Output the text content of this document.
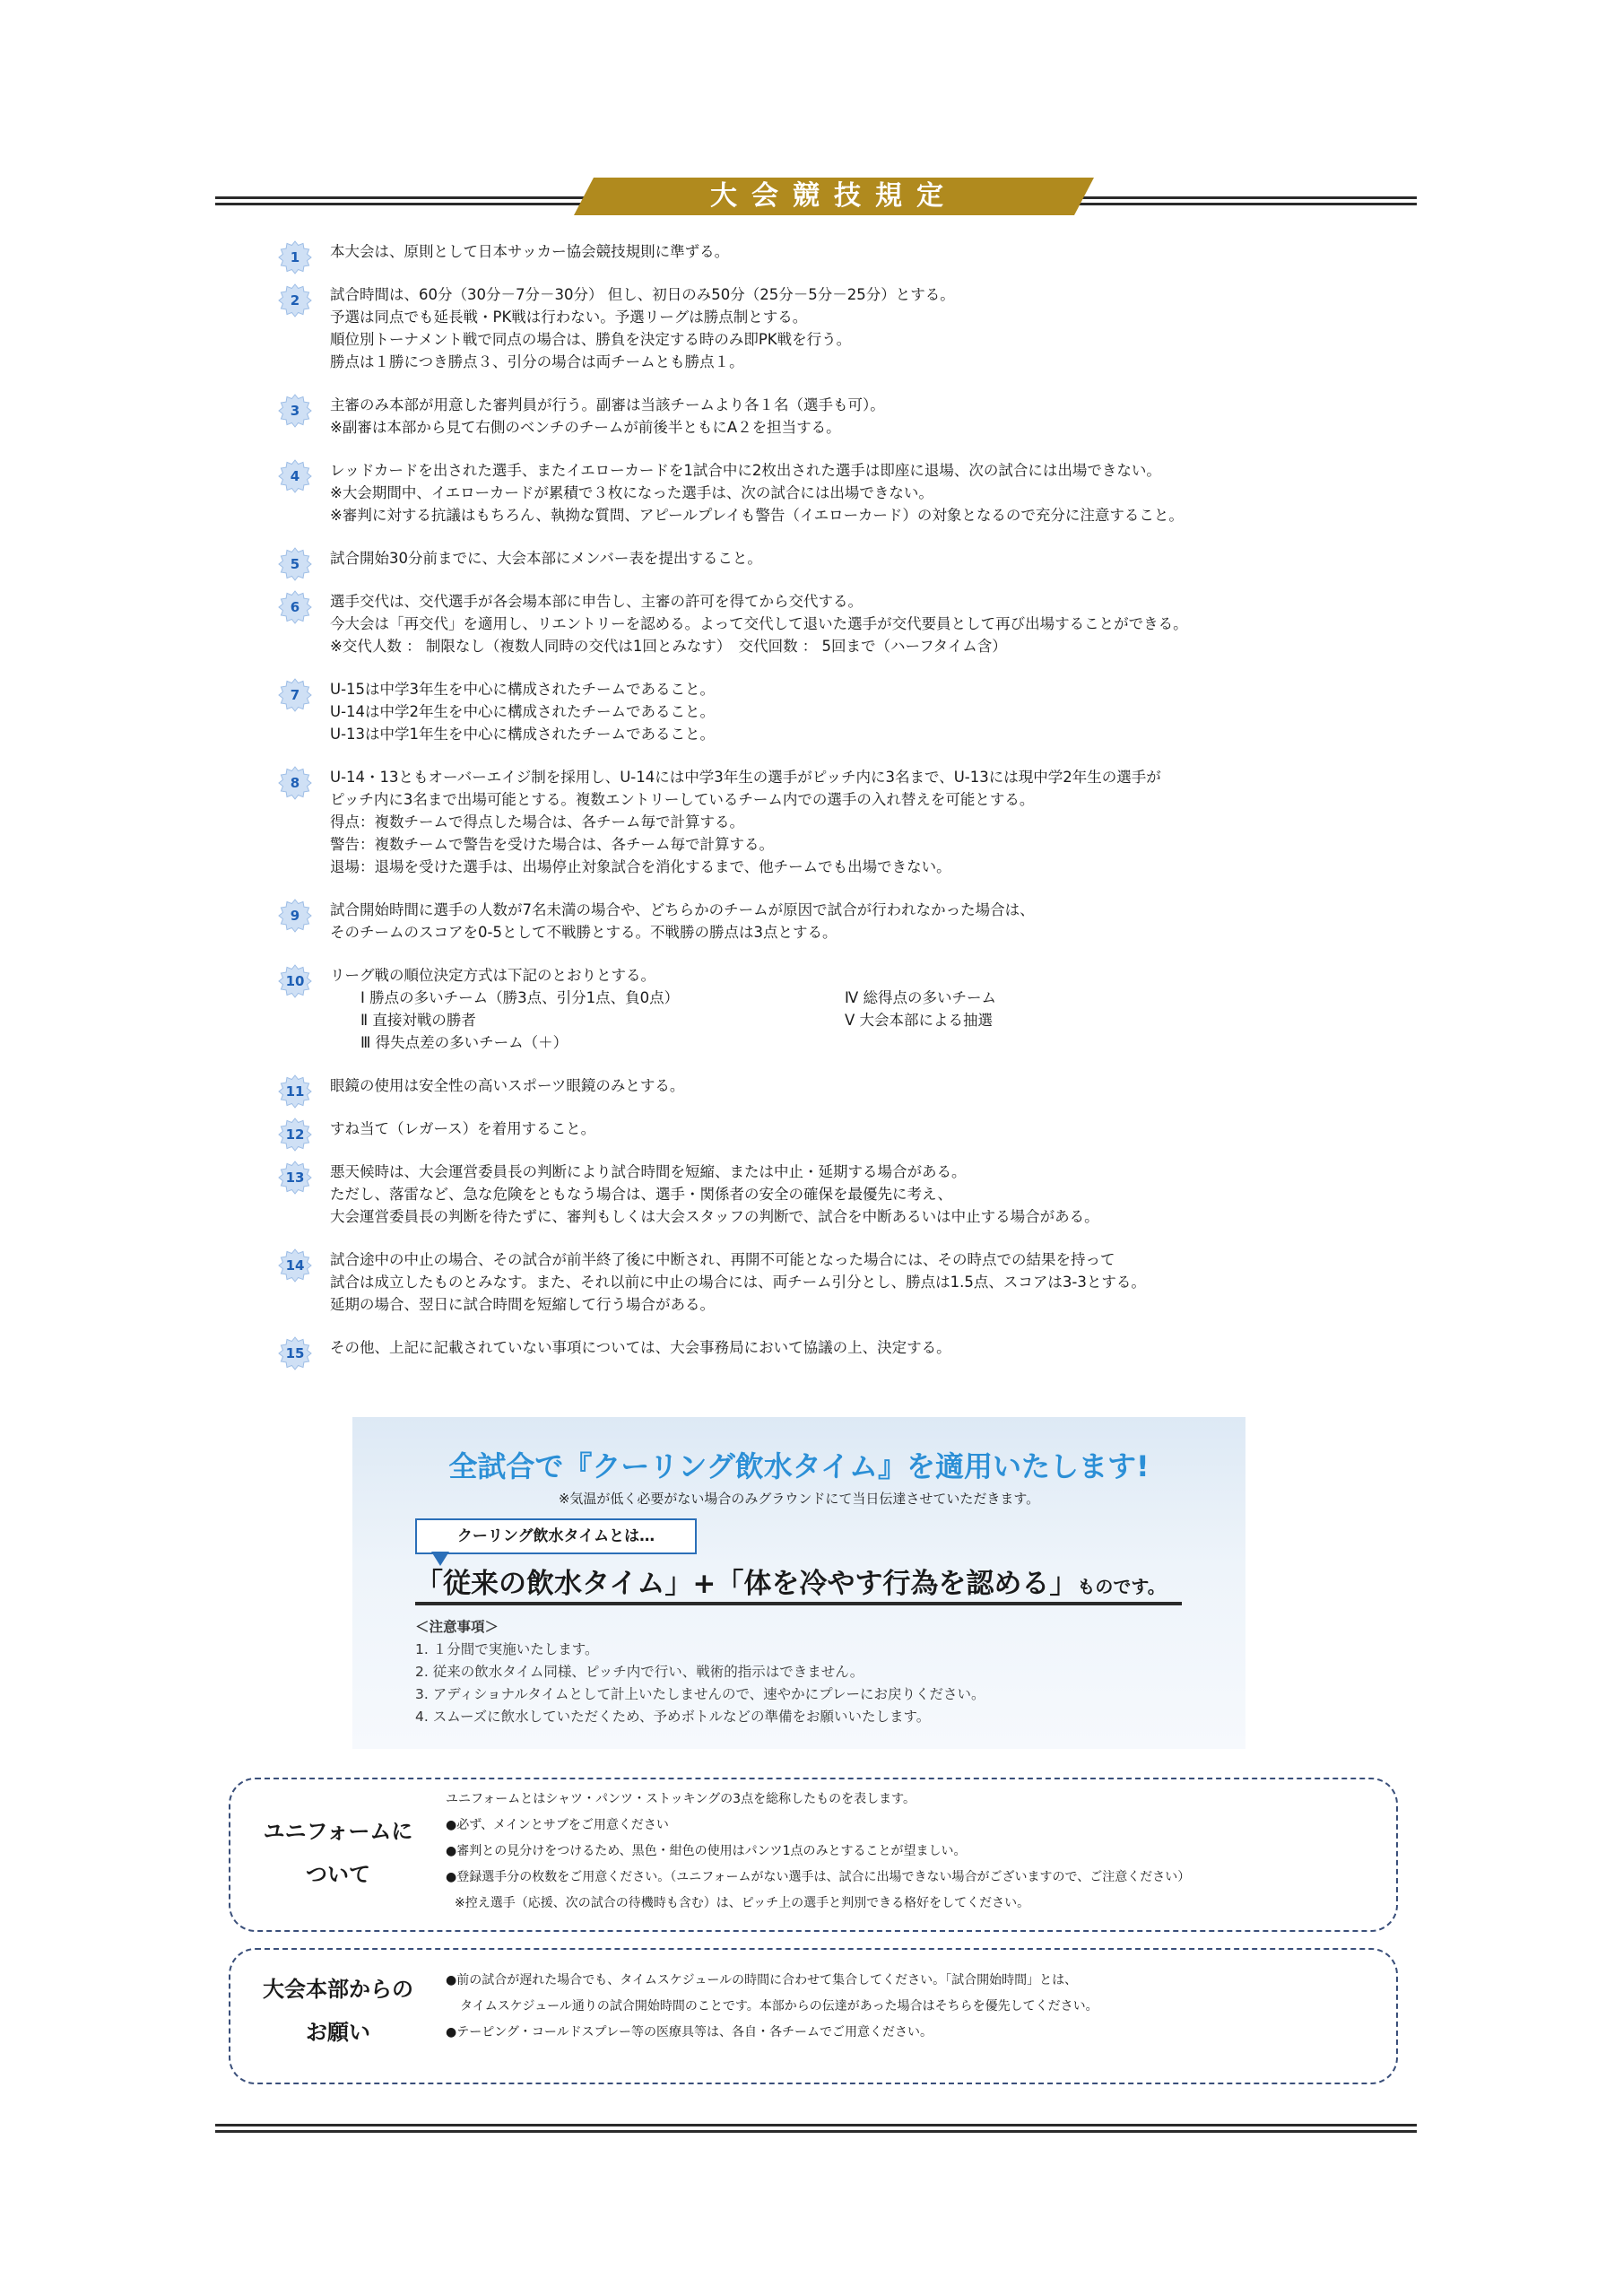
大会競技規定
1	本大会は、原則として日本サッカー協会競技規則に準ずる。
2	試合時間は、60分（30分－7分－30分） 但し、初日のみ50分（25分－5分－25分）とする。
予選は同点でも延長戦・PK戦は行わない。予選リーグは勝点制とする。
順位別トーナメント戦で同点の場合は、勝負を決定する時のみ即PK戦を行う。
勝点は１勝につき勝点３、引分の場合は両チームとも勝点１。
3	主審のみ本部が用意した審判員が行う。副審は当該チームより各１名（選手も可）。
※副審は本部から見て右側のベンチのチームが前後半ともにA２を担当する。
4	レッドカードを出された選手、またイエローカードを1試合中に2枚出された選手は即座に退場、次の試合には出場できない。
※大会期間中、イエローカードが累積で３枚になった選手は、次の試合には出場できない。
※審判に対する抗議はもちろん、執拗な質問、アピールプレイも警告（イエローカード）の対象となるので充分に注意すること。
5	試合開始30分前までに、大会本部にメンバー表を提出すること。
6	選手交代は、交代選手が各会場本部に申告し、主審の許可を得てから交代する。
今大会は「再交代」を適用し、リエントリーを認める。よって交代して退いた選手が交代要員として再び出場することができる。
※交代人数 ： 制限なし（複数人同時の交代は1回とみなす）　交代回数 ： 5回まで（ハーフタイム含）
7	U-15は中学3年生を中心に構成されたチームであること。
U-14は中学2年生を中心に構成されたチームであること。
U-13は中学1年生を中心に構成されたチームであること。
8	U-14・13ともオーバーエイジ制を採用し、U-14には中学3年生の選手がピッチ内に3名まで、U-13には現中学2年生の選手が
ピッチ内に3名まで出場可能とする。複数エントリーしているチーム内での選手の入れ替えを可能とする。
得点：複数チームで得点した場合は、各チーム毎で計算する。
警告：複数チームで警告を受けた場合は、各チーム毎で計算する。
退場：退場を受けた選手は、出場停止対象試合を消化するまで、他チームでも出場できない。
9	試合開始時間に選手の人数が7名未満の場合や、どちらかのチームが原因で試合が行われなかった場合は、
そのチームのスコアを0-5として不戦勝とする。不戦勝の勝点は3点とする。
10	リーグ戦の順位決定方式は下記のとおりとする。
Ⅰ 勝点の多いチーム（勝3点、引分1点、負0点）
Ⅱ 直接対戦の勝者
Ⅲ 得失点差の多いチーム（＋）
Ⅳ 総得点の多いチーム
Ⅴ 大会本部による抽選
11	眼鏡の使用は安全性の高いスポーツ眼鏡のみとする。
12	すね当て（レガース）を着用すること。
13	悪天候時は、大会運営委員長の判断により試合時間を短縮、または中止・延期する場合がある。
ただし、落雷など、急な危険をともなう場合は、選手・関係者の安全の確保を最優先に考え、
大会運営委員長の判断を待たずに、審判もしくは大会スタッフの判断で、試合を中断あるいは中止する場合がある。
14	試合途中の中止の場合、その試合が前半終了後に中断され、再開不可能となった場合には、その時点での結果を持って
試合は成立したものとみなす。また、それ以前に中止の場合には、両チーム引分とし、勝点は1.5点、スコアは3-3とする。
延期の場合、翌日に試合時間を短縮して行う場合がある。
15	その他、上記に記載されていない事項については、大会事務局において協議の上、決定する。
全試合で『クーリング飲水タイム』を適用いたします!
※気温が低く必要がない場合のみグラウンドにて当日伝達させていただきます。
クーリング飲水タイムとは…
「従来の飲水タイム」+「体を冷やす行為を認める」ものです。
＜注意事項＞
1. １分間で実施いたします。
2. 従来の飲水タイム同様、ピッチ内で行い、戦術的指示はできません。
3. アディショナルタイムとして計上いたしませんので、速やかにプレーにお戻りください。
4. スムーズに飲水していただくため、予めボトルなどの準備をお願いいたします。
ユニフォームに
ついて
ユニフォームとはシャツ・パンツ・ストッキングの3点を総称したものを表します。
●必ず、メインとサブをご用意ください
●審判との見分けをつけるため、黒色・紺色の使用はパンツ1点のみとすることが望ましい。
●登録選手分の枚数をご用意ください。（ユニフォームがない選手は、試合に出場できない場合がございますので、ご注意ください）
※控え選手（応援、次の試合の待機時も含む）は、ピッチ上の選手と判別できる格好をしてください。
大会本部からの
お願い
●前の試合が遅れた場合でも、タイムスケジュールの時間に合わせて集合してください。「試合開始時間」とは、
タイムスケジュール通りの試合開始時間のことです。本部からの伝達があった場合はそちらを優先してください。
●テーピング・コールドスプレー等の医療具等は、各自・各チームでご用意ください。
